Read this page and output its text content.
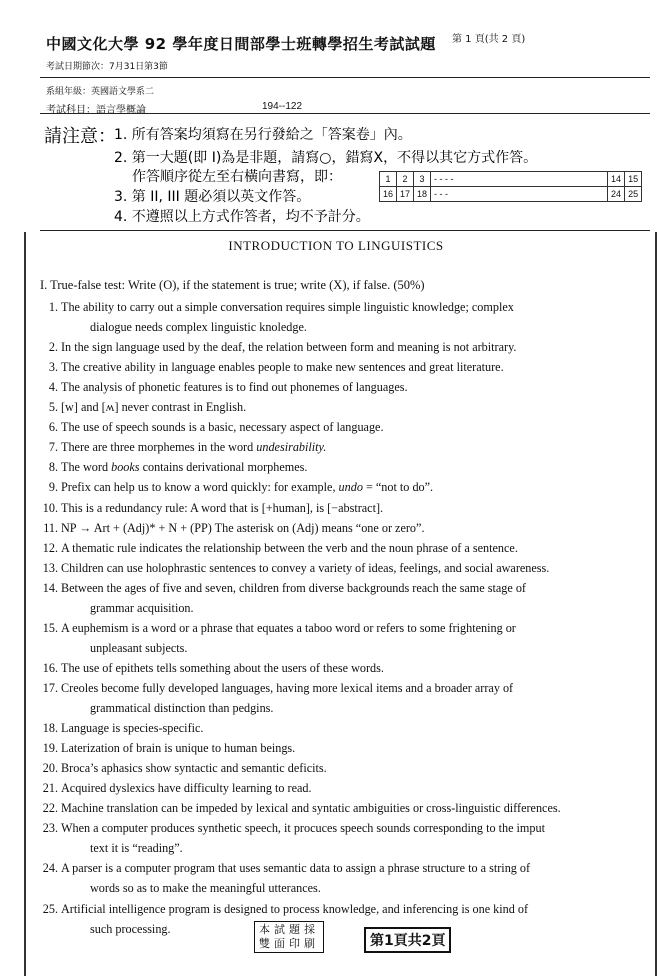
中國文化大學 92 學年度日間部學士班轉學招生考試試題 第 1 頁(共 2 頁)
考試日期節次：7月31日第3節
系組年級：英國語文學系二
考試科目：語言學概論	194--122
請注意：
1. 所有答案均須寫在另行發給之「答案卷」內。
2. 第一大題(即 I)為是非題，請寫○，錯寫X，不得以其它方式作答。
作答順序從左至右橫向書寫，即：
3. 第 II, III 題必須以英文作答。
4. 不遵照以上方式作答者，均不予計分。
1	2	3	- - - -	14	15
16	17	18	- - -	24	25
INTRODUCTION TO LINGUISTICS
I. True-false test: Write (O), if the statement is true; write (X), if false. (50%)
1. The ability to carry out a simple conversation requires simple linguistic knowledge; complex
dialogue needs complex linguistic knoledge.
2. In the sign language used by the deaf, the relation between form and meaning is not arbitrary.
3. The creative ability in language enables people to make new sentences and great literature.
4. The analysis of phonetic features is to find out phonemes of languages.
5. [w] and [ʍ] never contrast in English.
6. The use of speech sounds is a basic, necessary aspect of language.
7. There are three morphemes in the word undesirability.
8. The word books contains derivational morphemes.
9. Prefix can help us to know a word quickly: for example, undo = “not to do”.
10. This is a redundancy rule: A word that is [+human], is [−abstract].
11. NP → Art + (Adj)* + N + (PP) The asterisk on (Adj) means “one or zero”.
12. A thematic rule indicates the relationship between the verb and the noun phrase of a sentence.
13. Children can use holophrastic sentences to convey a variety of ideas, feelings, and social awareness.
14. Between the ages of five and seven, children from diverse backgrounds reach the same stage of
grammar acquisition.
15. A euphemism is a word or a phrase that equates a taboo word or refers to some frightening or
unpleasant subjects.
16. The use of epithets tells something about the users of these words.
17. Creoles become fully developed languages, having more lexical items and a broader array of
grammatical distinction than pedgins.
18. Language is species-specific.
19. Laterization of brain is unique to human beings.
20. Broca’s aphasics show syntactic and semantic deficits.
21. Acquired dyslexics have difficulty learning to read.
22. Machine translation can be impeded by lexical and syntatic ambiguities or cross-linguistic differences.
23. When a computer produces synthetic speech, it procuces speech sounds corresponding to the imput
text it is “reading”.
24. A parser is a computer program that uses semantic data to assign a phrase structure to a string of
words so as to make the meaningful utterances.
25. Artificial intelligence program is designed to process knowledge, and inferencing is one kind of
such processing.	本試題採
雙面印刷	第1頁共2頁
